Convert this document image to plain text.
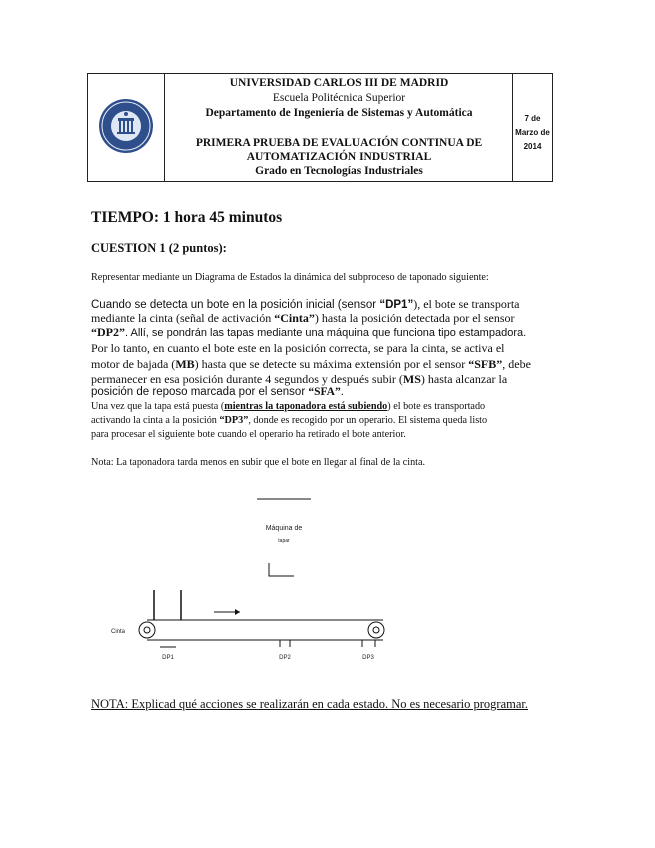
UNIVERSIDAD CARLOS III DE MADRID
Escuela Politécnica Superior
Departamento de Ingeniería de Sistemas y Automática
PRIMERA PRUEBA DE EVALUACIÓN CONTINUA DE
AUTOMATIZACIÓN INDUSTRIAL
Grado en Tecnologías Industriales
7 de
Marzo de
2014
TIEMPO: 1 hora 45 minutos
CUESTION 1 (2 puntos):
Representar mediante un Diagrama de Estados la dinámica del subproceso de taponado siguiente:
Cuando se detecta un bote en la posición inicial (sensor “DP1”), el bote se transporta
mediante la cinta (señal de activación “Cinta”) hasta la posición detectada por el sensor
“DP2”. Allí, se pondrán las tapas mediante una máquina que funciona tipo estampadora.
Por lo tanto, en cuanto el bote este en la posición correcta, se para la cinta, se activa el
motor de bajada (MB) hasta que se detecte su máxima extensión por el sensor “SFB”, debe
permanecer en esa posición durante 4 segundos y después subir (MS) hasta alcanzar la
posición de reposo marcada por el sensor “SFA”.
Una vez que la tapa está puesta (mientras la taponadora está subiendo) el bote es transportado
activando la cinta a la posición “DP3”, donde es recogido por un operario. El sistema queda listo
para procesar el siguiente bote cuando el operario ha retirado el bote anterior.
Nota: La taponadora tarda menos en subir que el bote en llegar al final de la cinta.
Máquina de
tapar
Cinta
DP1	DP2	DP3
NOTA: Explicad qué acciones se realizarán en cada estado. No es necesario programar.
